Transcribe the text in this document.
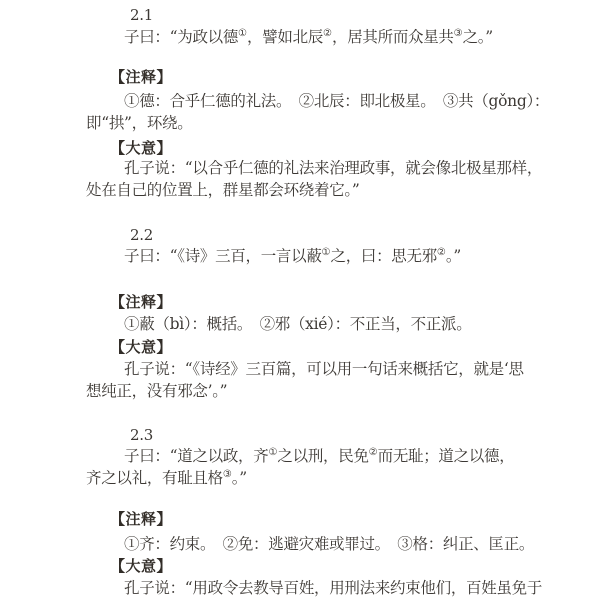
2.1
子曰：“为政以德①，譬如北辰②，居其所而众星共③之。”
【注释】
①德：合乎仁德的礼法。　②北辰：即北极星。　③共（gǒng）：
即“拱”，环绕。
【大意】
孔子说：“以合乎仁德的礼法来治理政事，就会像北极星那样，
处在自己的位置上，群星都会环绕着它。”
2.2
子曰：“《诗》三百，一言以蔽①之，曰：思无邪②。”
【注释】
①蔽（bì）：概括。　②邪（xié）：不正当，不正派。
【大意】
孔子说：“《诗经》三百篇，可以用一句话来概括它，就是‘思
想纯正，没有邪念’。”
2.3
子曰：“道之以政，齐①之以刑，民免②而无耻；道之以德，
齐之以礼，有耻且格③。”
【注释】
①齐：约束。　②免：逃避灾难或罪过。　③格：纠正、匡正。
【大意】
孔子说：“用政令去教导百姓，用刑法来约束他们，百姓虽免于
